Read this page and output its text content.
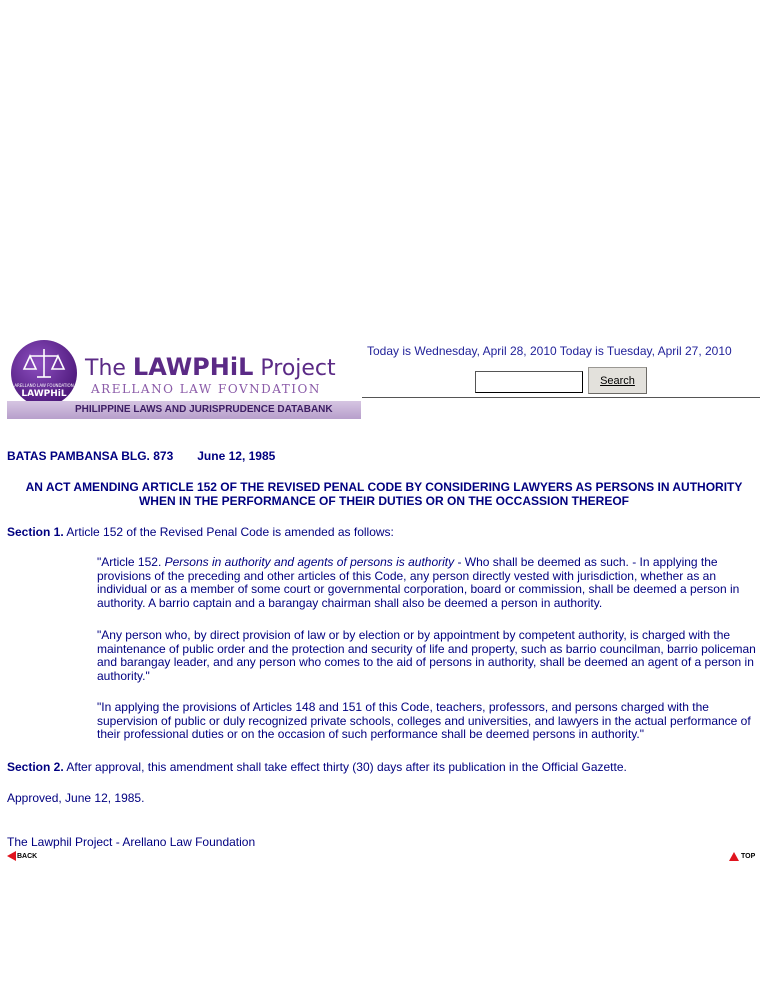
ARELLANO LAW FOUNDATION
LAWPHiL
The LAWPHiL Project
ARELLANO LAW FOVNDATION
PHILIPPINE LAWS AND JURISPRUDENCE DATABANK
Today is Wednesday, April 28, 2010 Today is Tuesday, April 27, 2010
Search
BATAS PAMBANSA BLG. 873 June 12, 1985
AN ACT AMENDING ARTICLE 152 OF THE REVISED PENAL CODE BY CONSIDERING LAWYERS AS PERSONS IN AUTHORITY WHEN IN THE PERFORMANCE OF THEIR DUTIES OR ON THE OCCASSION THEREOF
Section 1. Article 152 of the Revised Penal Code is amended as follows:
"Article 152. Persons in authority and agents of persons is authority - Who shall be deemed as such. - In applying the provisions of the preceding and other articles of this Code, any person directly vested with jurisdiction, whether as an individual or as a member of some court or governmental corporation, board or commission, shall be deemed a person in authority. A barrio captain and a barangay chairman shall also be deemed a person in authority.
"Any person who, by direct provision of law or by election or by appointment by competent authority, is charged with the maintenance of public order and the protection and security of life and property, such as barrio councilman, barrio policeman and barangay leader, and any person who comes to the aid of persons in authority, shall be deemed an agent of a person in authority."
"In applying the provisions of Articles 148 and 151 of this Code, teachers, professors, and persons charged with the supervision of public or duly recognized private schools, colleges and universities, and lawyers in the actual performance of their professional duties or on the occasion of such performance shall be deemed persons in authority."
Section 2. After approval, this amendment shall take effect thirty (30) days after its publication in the Official Gazette.
Approved, June 12, 1985.
The Lawphil Project - Arellano Law Foundation
BACK	TOP
